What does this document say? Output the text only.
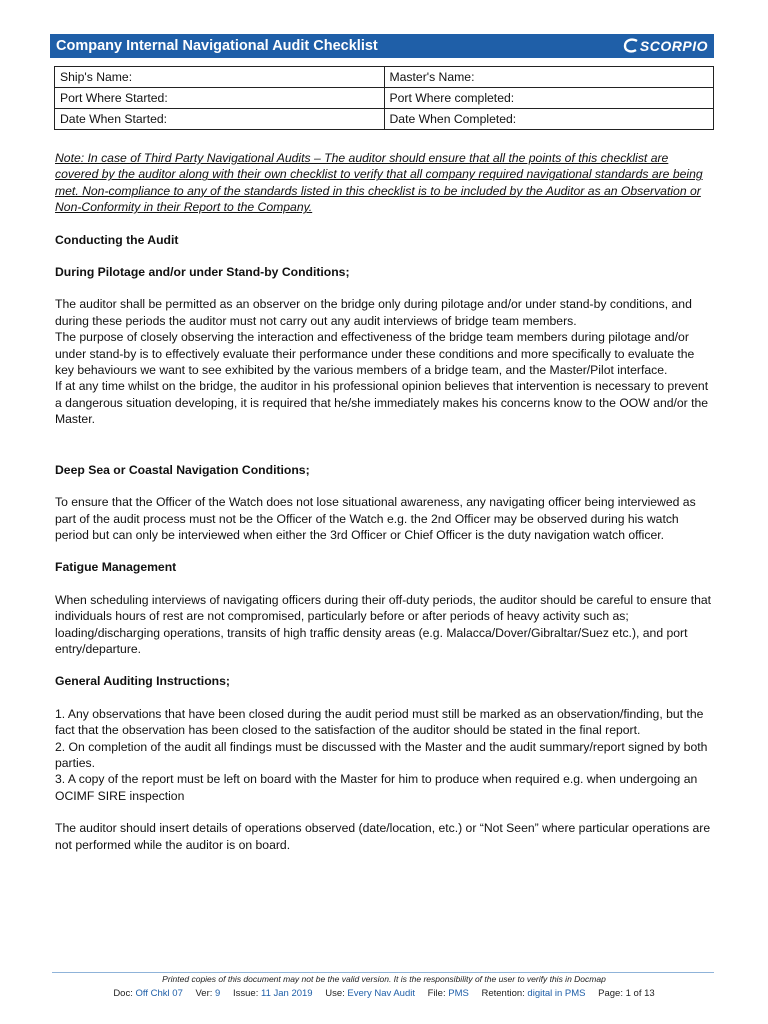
Company Internal Navigational Audit Checklist	SCORPIO
Ship's Name:	Master's Name:
Port Where Started:	Port Where completed:
Date When Started:	Date When Completed:

Note: In case of Third Party Navigational Audits – The auditor should ensure that all the points of this checklist are covered by the auditor along with their own checklist to verify that all company required navigational standards are being met. Non-compliance to any of the standards listed in this checklist is to be included by the Auditor as an Observation or Non-Conformity in their Report to the Company.

Conducting the Audit

During Pilotage and/or under Stand-by Conditions;

The auditor shall be permitted as an observer on the bridge only during pilotage and/or under stand-by conditions, and during these periods the auditor must not carry out any audit interviews of bridge team members.

The purpose of closely observing the interaction and effectiveness of the bridge team members during pilotage and/or under stand-by is to effectively evaluate their performance under these conditions and more specifically to evaluate the key behaviours we want to see exhibited by the various members of a bridge team, and the Master/Pilot interface.

If at any time whilst on the bridge, the auditor in his professional opinion believes that intervention is necessary to prevent a dangerous situation developing, it is required that he/she immediately makes his concerns know to the OOW and/or the Master.

Deep Sea or Coastal Navigation Conditions;

To ensure that the Officer of the Watch does not lose situational awareness, any navigating officer being interviewed as part of the audit process must not be the Officer of the Watch e.g. the 2nd Officer may be observed during his watch period but can only be interviewed when either the 3rd Officer or Chief Officer is the duty navigation watch officer.

Fatigue Management

When scheduling interviews of navigating officers during their off-duty periods, the auditor should be careful to ensure that individuals hours of rest are not compromised, particularly before or after periods of heavy activity such as; loading/discharging operations, transits of high traffic density areas (e.g. Malacca/Dover/Gibraltar/Suez etc.), and port entry/departure.

General Auditing Instructions;

1. Any observations that have been closed during the audit period must still be marked as an observation/finding, but the fact that the observation has been closed to the satisfaction of the auditor should be stated in the final report.

2. On completion of the audit all findings must be discussed with the Master and the audit summary/report signed by both parties.

3. A copy of the report must be left on board with the Master for him to produce when required e.g. when undergoing an OCIMF SIRE inspection

The auditor should insert details of operations observed (date/location, etc.) or “Not Seen” where particular operations are not performed while the auditor is on board.

Printed copies of this document may not be the valid version. It is the responsibility of the user to verify this in Docmap
Doc: Off Chkl 07 Ver: 9 Issue: 11 Jan 2019 Use: Every Nav Audit File: PMS Retention: digital in PMS Page: 1 of 13
